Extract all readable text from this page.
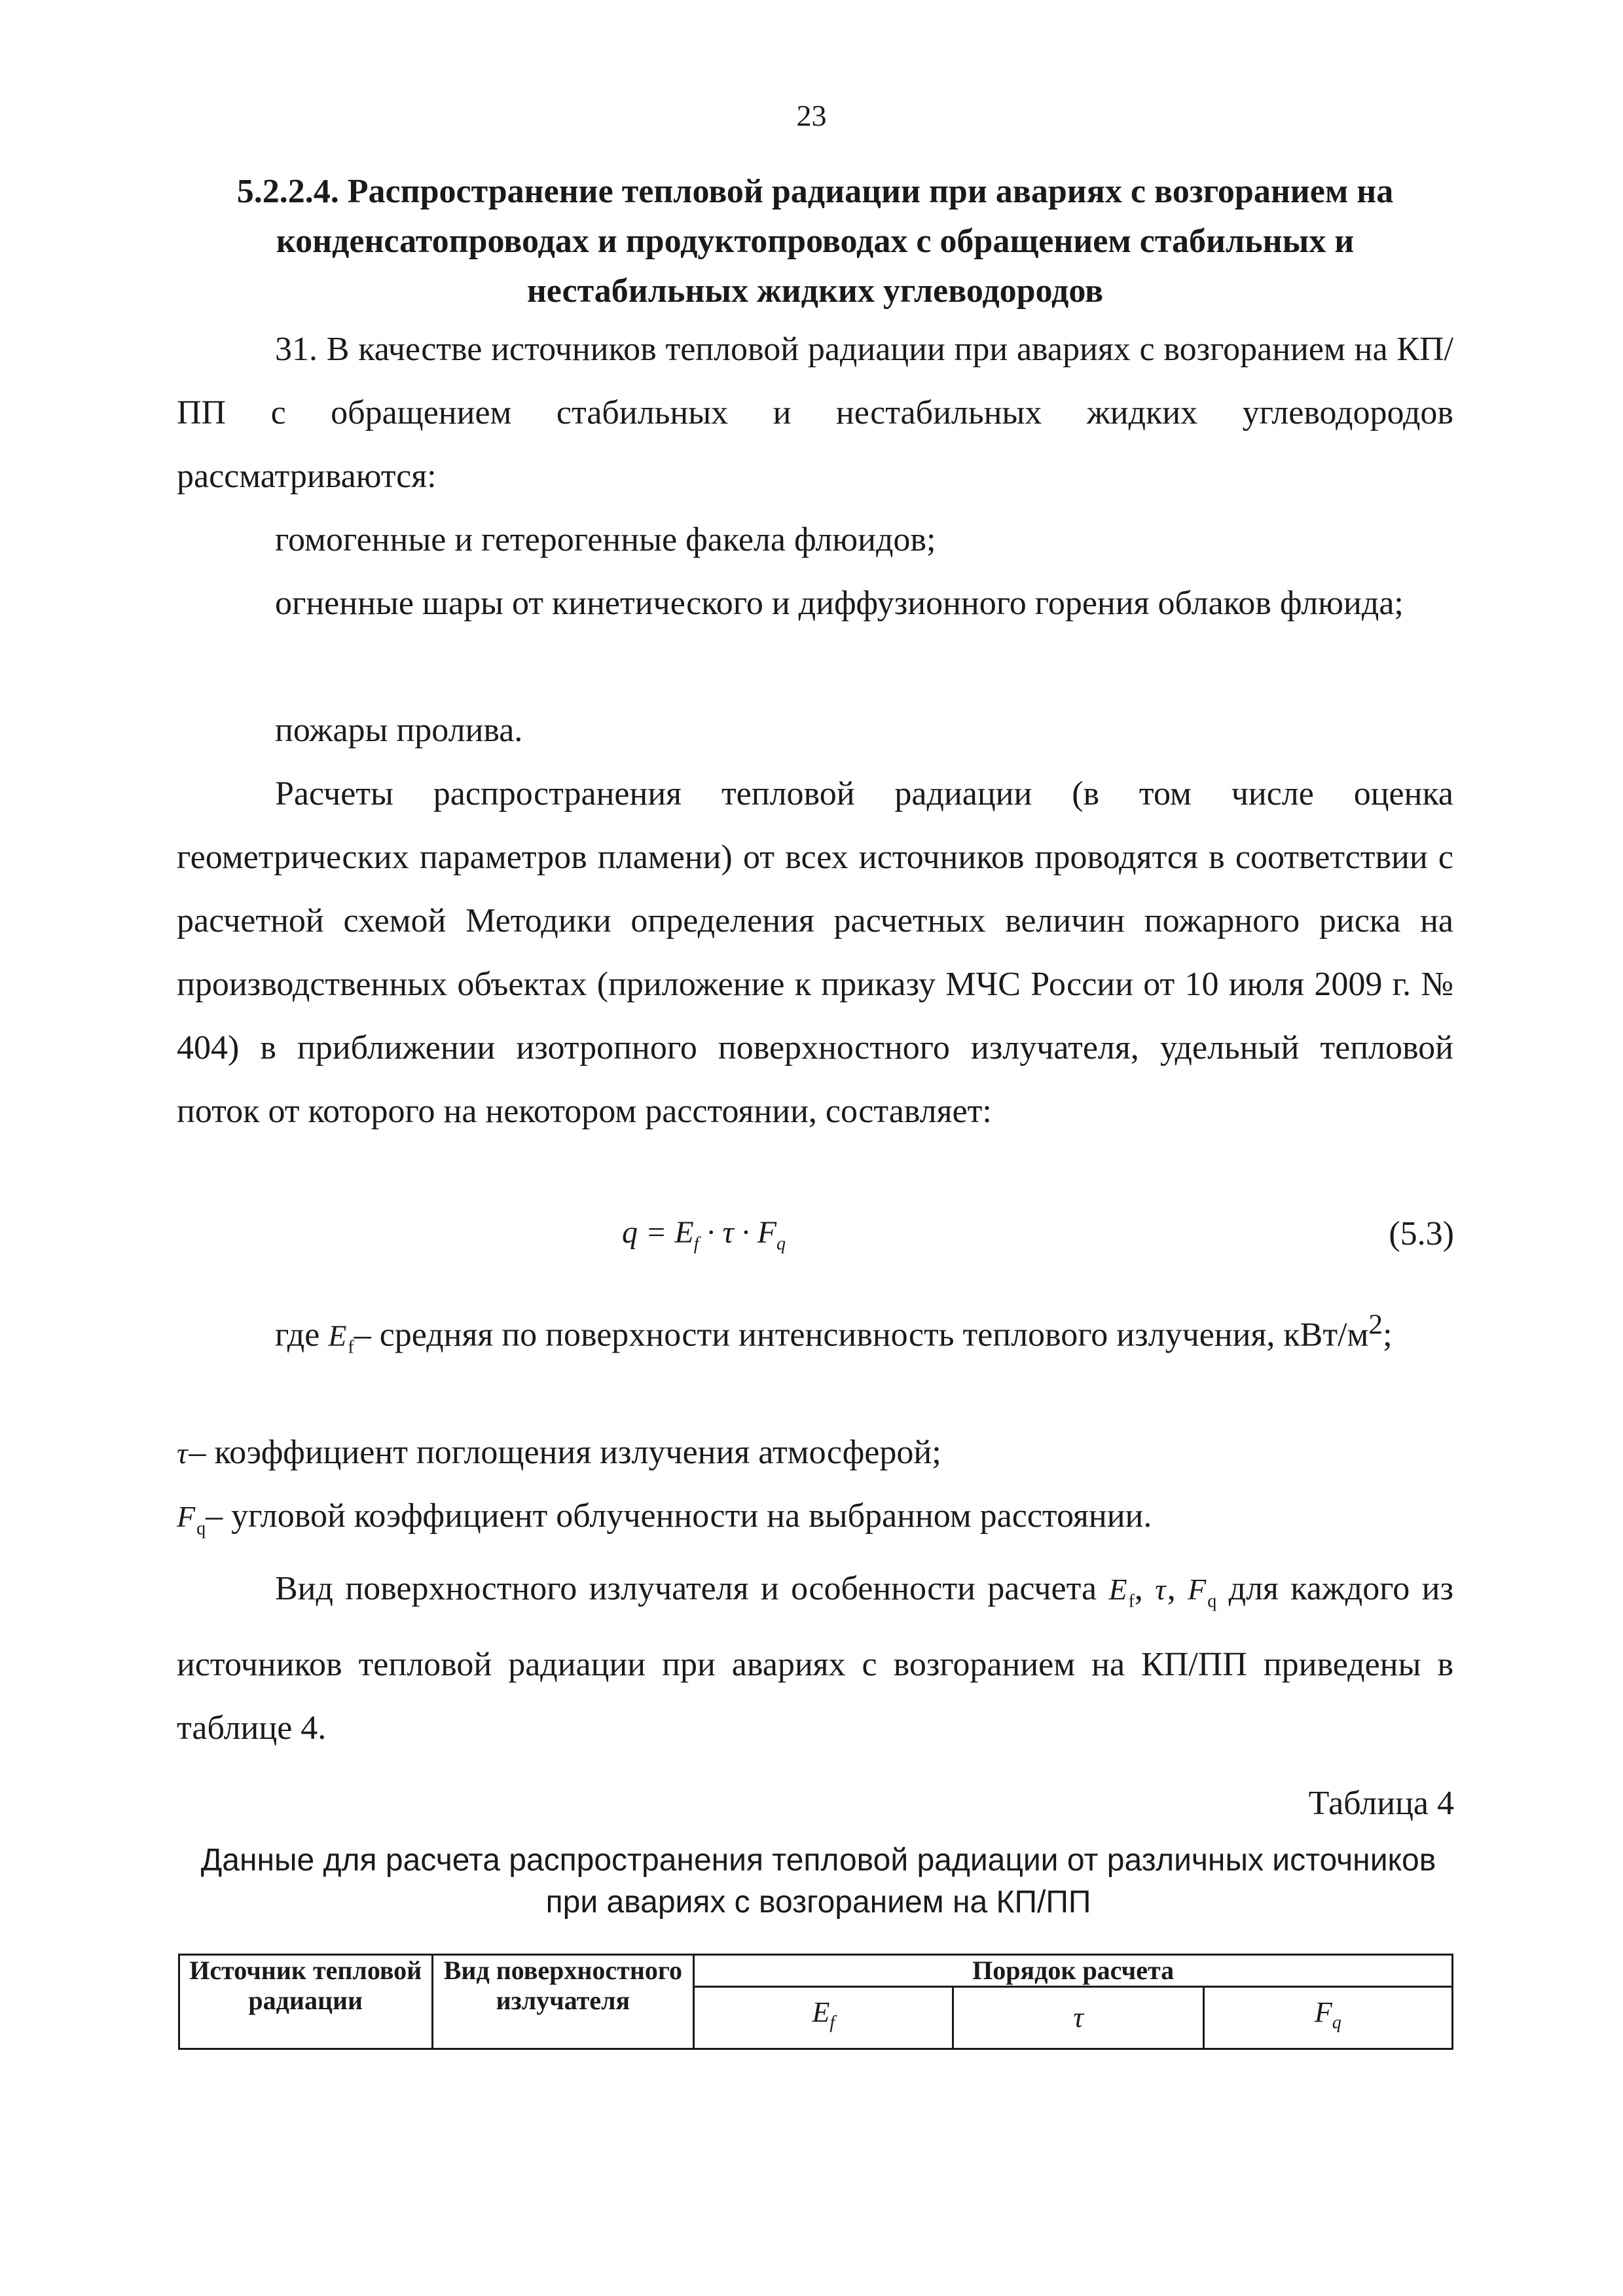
23
5.2.2.4. Распространение тепловой радиации при авариях с возгоранием на конденсатопроводах и продуктопроводах с обращением стабильных и нестабильных жидких углеводородов

31. В качестве источников тепловой радиации при авариях с возгоранием на КП/ПП с обращением стабильных и нестабильных жидких углеводородов рассматриваются:

гомогенные и гетерогенные факела флюидов;

огненные шары от кинетического и диффузионного горения облаков флюида;

пожары пролива.

Расчеты распространения тепловой радиации (в том числе оценка геометрических параметров пламени) от всех источников проводятся в соответствии с расчетной схемой Методики определения расчетных величин пожарного риска на производственных объектах (приложение к приказу МЧС России от 10 июля 2009 г. № 404) в приближении изотропного поверхностного излучателя, удельный тепловой поток от которого на некотором расстоянии, составляет:

$q = E_f \cdot \tau \cdot F_q$	(5.3)

где $E_f-$ средняя по поверхности интенсивность теплового излучения, кВт/$м^2$;

τ– коэффициент поглощения излучения атмосферой;

$F_q-$ угловой коэффициент облученности на выбранном расстоянии.

Вид поверхностного излучателя и особенности расчета $E_f$, τ, $F_q$ для каждого из источников тепловой радиации при авариях с возгоранием на КП/ПП приведены в таблице 4.

Таблица 4
Данные для расчета распространения тепловой радиации от различных источников при авариях с возгоранием на КП/ПП
Источник тепловой радиации	Вид поверхностного излучателя	Порядок расчета		
		$E_f$	τ	$F_q$
